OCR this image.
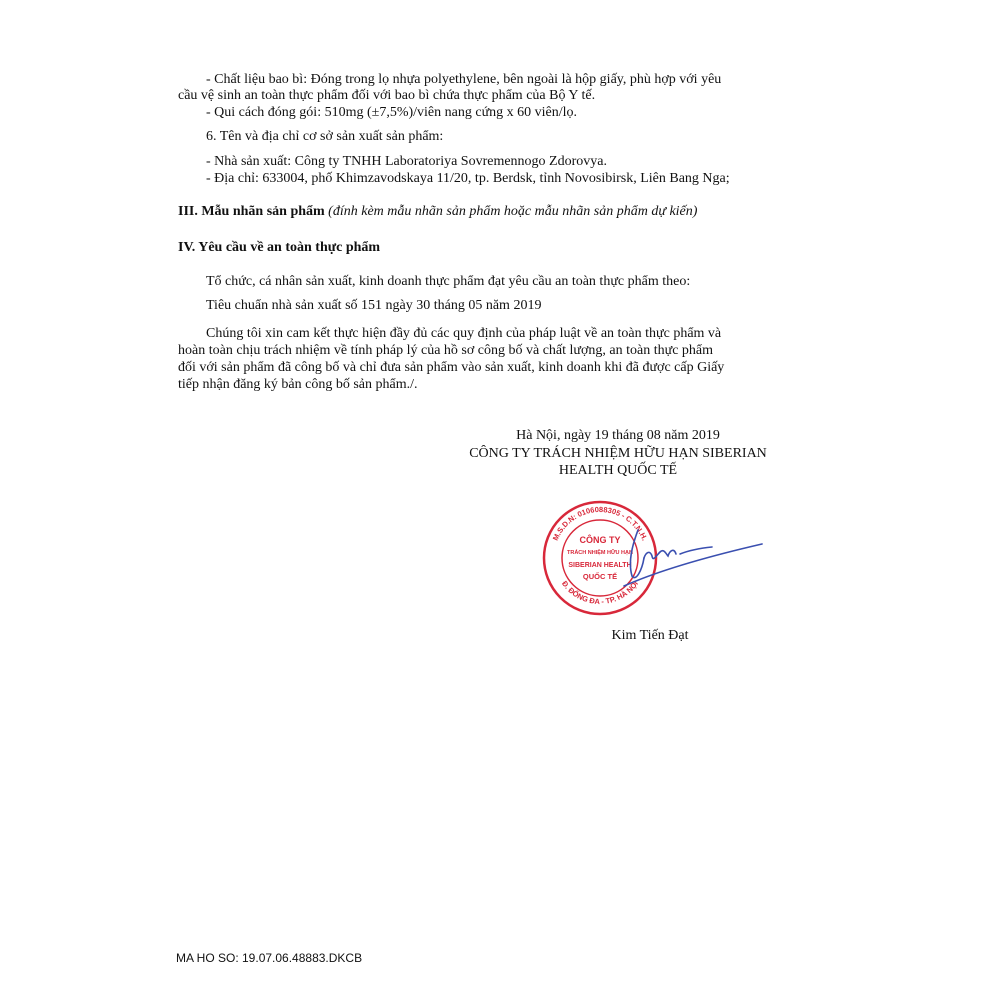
- Chất liệu bao bì: Đóng trong lọ nhựa polyethylene, bên ngoài là hộp giấy, phù hợp với yêu
cầu vệ sinh an toàn thực phẩm đối với bao bì chứa thực phẩm của Bộ Y tế.
- Qui cách đóng gói: 510mg (±7,5%)/viên nang cứng x 60 viên/lọ.
6. Tên và địa chỉ cơ sở sản xuất sản phẩm:
- Nhà sản xuất: Công ty TNHH Laboratoriya Sovremennogo Zdorovya.
- Địa chỉ: 633004, phố Khimzavodskaya 11/20, tp. Berdsk, tỉnh Novosibirsk, Liên Bang Nga;
III. Mẫu nhãn sản phẩm (đính kèm mẫu nhãn sản phẩm hoặc mẫu nhãn sản phẩm dự kiến)
IV. Yêu cầu về an toàn thực phẩm
Tổ chức, cá nhân sản xuất, kinh doanh thực phẩm đạt yêu cầu an toàn thực phẩm theo:
Tiêu chuẩn nhà sản xuất số 151 ngày 30 tháng 05 năm 2019
Chúng tôi xin cam kết thực hiện đầy đủ các quy định của pháp luật về an toàn thực phẩm và
hoàn toàn chịu trách nhiệm về tính pháp lý của hồ sơ công bố và chất lượng, an toàn thực phẩm
đối với sản phẩm đã công bố và chỉ đưa sản phẩm vào sản xuất, kinh doanh khi đã được cấp Giấy
tiếp nhận đăng ký bản công bố sản phẩm./.
Hà Nội, ngày 19 tháng 08 năm 2019
CÔNG TY TRÁCH NHIỆM HỮU HẠN SIBERIAN
HEALTH QUỐC TẾ
M.S.D.N: 0106088305 - C.T.N.H.
Đ. ĐỐNG ĐA - TP. HÀ NỘI
CÔNG TY
TRÁCH NHIỆM HỮU HẠN
SIBERIAN HEALTH
QUỐC TẾ
Kim Tiến Đạt
MA HO SO: 19.07.06.48883.DKCB
